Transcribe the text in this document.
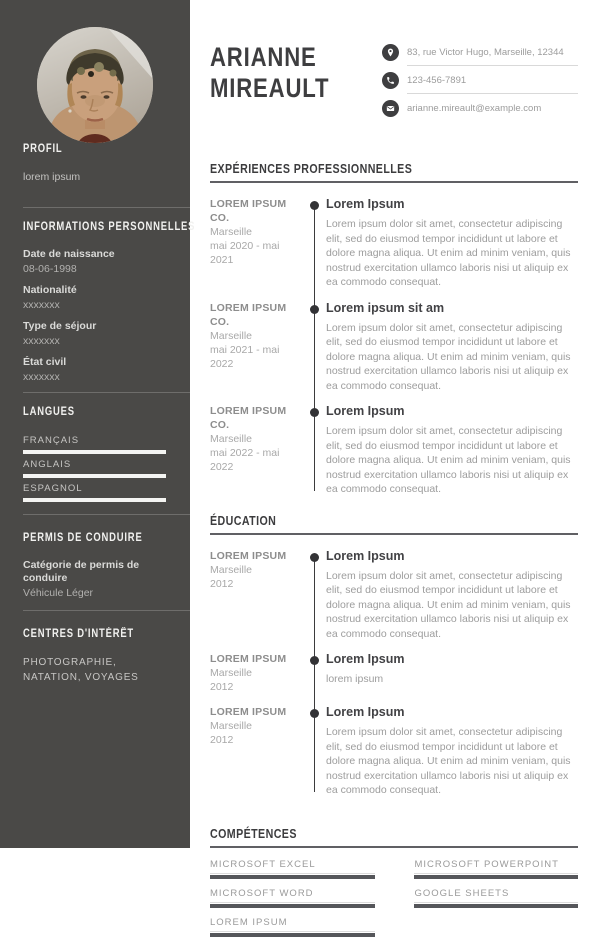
PROFIL
lorem ipsum
INFORMATIONS PERSONNELLES
Date de naissance
08-06-1998
Nationalité
xxxxxxx
Type de séjour
xxxxxxx
État civil
xxxxxxx
LANGUES
FRANÇAIS
ANGLAIS
ESPAGNOL
PERMIS DE CONDUIRE
Catégorie de permis de conduire
Véhicule Léger
CENTRES D'INTÉRÊT
PHOTOGRAPHIE, NATATION, VOYAGES
ARIANNE
MIREAULT
83, rue Victor Hugo, Marseille, 12344
123-456-7891
arianne.mireault@example.com
EXPÉRIENCES PROFESSIONNELLES
LOREM IPSUM CO.
Marseille
mai 2020 - mai 2021
Lorem Ipsum
Lorem ipsum dolor sit amet, consectetur adipiscing elit, sed do eiusmod tempor incididunt ut labore et dolore magna aliqua. Ut enim ad minim veniam, quis nostrud exercitation ullamco laboris nisi ut aliquip ex ea commodo consequat.
LOREM IPSUM CO.
Marseille
mai 2021 - mai 2022
Lorem ipsum sit am
Lorem ipsum dolor sit amet, consectetur adipiscing elit, sed do eiusmod tempor incididunt ut labore et dolore magna aliqua. Ut enim ad minim veniam, quis nostrud exercitation ullamco laboris nisi ut aliquip ex ea commodo consequat.
LOREM IPSUM CO.
Marseille
mai 2022 - mai 2022
Lorem Ipsum
Lorem ipsum dolor sit amet, consectetur adipiscing elit, sed do eiusmod tempor incididunt ut labore et dolore magna aliqua. Ut enim ad minim veniam, quis nostrud exercitation ullamco laboris nisi ut aliquip ex ea commodo consequat.
ÉDUCATION
LOREM IPSUM
Marseille
2012
Lorem Ipsum
Lorem ipsum dolor sit amet, consectetur adipiscing elit, sed do eiusmod tempor incididunt ut labore et dolore magna aliqua. Ut enim ad minim veniam, quis nostrud exercitation ullamco laboris nisi ut aliquip ex ea commodo consequat.
LOREM IPSUM
Marseille
2012
Lorem Ipsum
lorem ipsum
LOREM IPSUM
Marseille
2012
Lorem Ipsum
Lorem ipsum dolor sit amet, consectetur adipiscing elit, sed do eiusmod tempor incididunt ut labore et dolore magna aliqua. Ut enim ad minim veniam, quis nostrud exercitation ullamco laboris nisi ut aliquip ex ea commodo consequat.
COMPÉTENCES
MICROSOFT EXCEL
MICROSOFT WORD
LOREM IPSUM
MICROSOFT POWERPOINT
GOOGLE SHEETS
